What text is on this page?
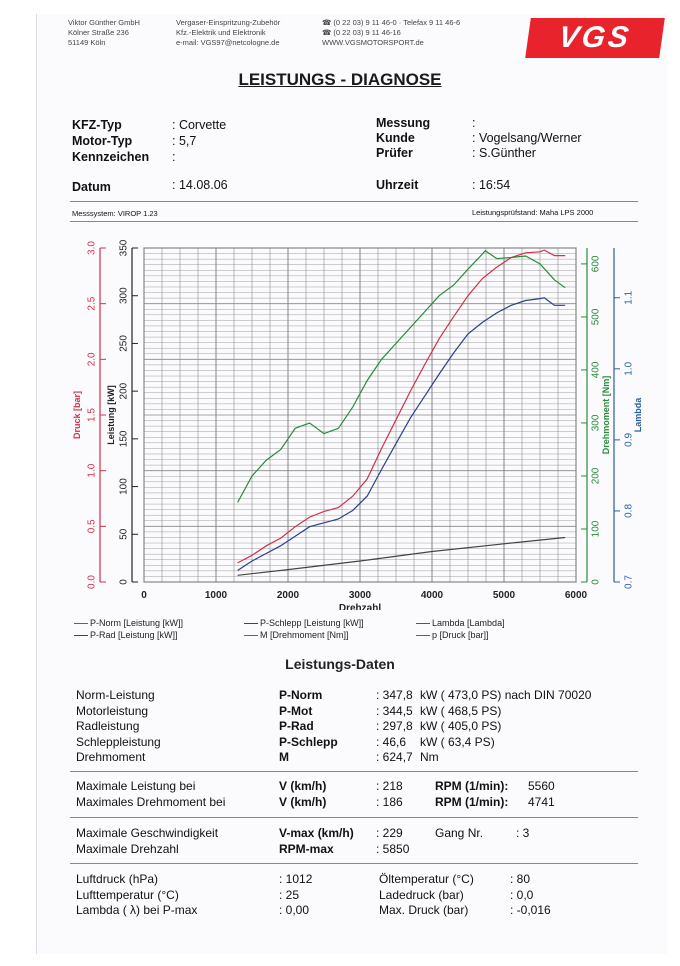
Viktor Günther GmbH
Kölner Straße 236
51149 Köln
Vergaser-Einspritzung-Zubehör
Kfz.-Elektrik und Elektronik
e-mail: VGS97@netcologne.de
☎ (0 22 03) 9 11 46-0 · Telefax 9 11 46-6
☎ (0 22 03) 9 11 46-16
WWW.VGSMOTORSPORT.de	VGS
LEISTUNGS - DIAGNOSE
KFZ-Typ	: Corvette
Motor-Typ	: 5,7
Kennzeichen :
Messung	:
Kunde	: Vogelsang/Werner
Prüfer	: S.Günther
Datum	: 14.08.06	Uhrzeit	: 16:54
Messsystem: VIROP 1.23	Leistungsprüfstand: Maha LPS 2000
0	1000	2000	3000	4000	5000	6000
0.0
0.5
1.0
1.5
2.0
2.5
3.0
Druck [bar]
0
50
100
150
200
250
300
350
Leistung [kW]
0
100
200
300
400
500
600
Drehmoment [Nm]
0.7
0.8
0.9
1.0
1.1
Lambda
Drehzahl
P-Norm [Leistung [kW]]
P-Rad [Leistung [kW]]
P-Schlepp [Leistung [kW]]
M [Drehmoment [Nm]]
Lambda [Lambda]
p [Druck [bar]]
Leistungs-Daten
Norm-Leistung	P-Norm	: 347,8 kW ( 473,0 PS) nach DIN 70020
Motorleistung	P-Mot	: 344,5 kW ( 468,5 PS)
Radleistung	P-Rad	: 297,8 kW ( 405,0 PS)
Schleppleistung	P-Schlepp	: 46,6 kW ( 63,4 PS)
Drehmoment	M	: 624,7 Nm
Maximale Leistung bei	V (km/h)	: 218	RPM (1/min): 5560
Maximales Drehmoment bei	V (km/h)	: 186	RPM (1/min): 4741
Maximale Geschwindigkeit	V-max (km/h) : 229	Gang Nr.	: 3
Maximale Drehzahl	RPM-max	: 5850
Luftdruck (hPa)	: 1012	Öltemperatur (°C)	: 80
Lufttemperatur (°C)	: 25	Ladedruck (bar)	: 0,0
Lambda ( λ) bei P-max	: 0,00	Max. Druck (bar)	: -0,016
